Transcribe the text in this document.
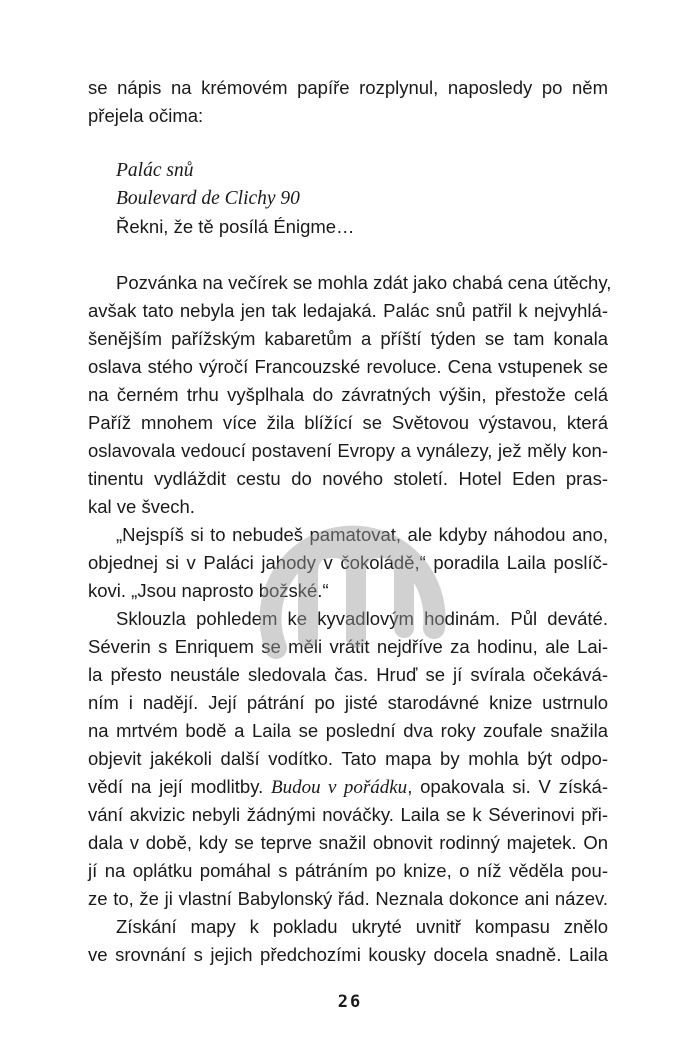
se nápis na krémovém papíře rozplynul, naposledy po něm
přejela očima:
Palác snů
Boulevard de Clichy 90
Řekni, že tě posílá Énigme…
Pozvánka na večírek se mohla zdát jako chabá cena útěchy,
avšak tato nebyla jen tak ledajaká. Palác snů patřil k nejvyhlá-
šenějším pařížským kabaretům a příští týden se tam konala
oslava stého výročí Francouzské revoluce. Cena vstupenek se
na černém trhu vyšplhala do závratných výšin, přestože celá
Paříž mnohem více žila blížící se Světovou výstavou, která
oslavovala vedoucí postavení Evropy a vynálezy, jež měly kon-
tinentu vydláždit cestu do nového století. Hotel Eden pras-
kal ve švech.
„Nejspíš si to nebudeš pamatovat, ale kdyby náhodou ano,
objednej si v Paláci jahody v čokoládě,“ poradila Laila poslíč-
kovi. „Jsou naprosto božské.“
Sklouzla pohledem ke kyvadlovým hodinám. Půl deváté.
Séverin s Enriquem se měli vrátit nejdříve za hodinu, ale Lai-
la přesto neustále sledovala čas. Hruď se jí svírala očekává-
ním i nadějí. Její pátrání po jisté starodávné knize ustrnulo
na mrtvém bodě a Laila se poslední dva roky zoufale snažila
objevit jakékoli další vodítko. Tato mapa by mohla být odpo-
vědí na její modlitby. Budou v pořádku, opakovala si. V získá-
vání akvizic nebyli žádnými nováčky. Laila se k Séverinovi při-
dala v době, kdy se teprve snažil obnovit rodinný majetek. On
jí na oplátku pomáhal s pátráním po knize, o níž věděla pou-
ze to, že ji vlastní Babylonský řád. Neznala dokonce ani název.
Získání mapy k pokladu ukryté uvnitř kompasu znělo
ve srovnání s jejich předchozími kousky docela snadně. Laila
26
